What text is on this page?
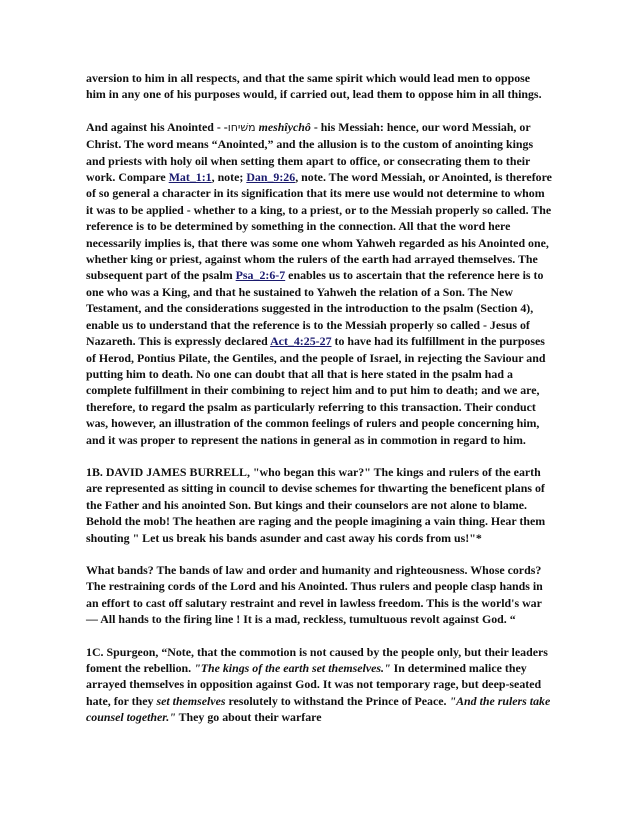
aversion to him in all respects, and that the same spirit which would lead men to oppose him in any one of his purposes would, if carried out, lead them to oppose him in all things.

And against his Anointed - -משׁיחו meshîychô - his Messiah: hence, our word Messiah, or Christ. The word means “Anointed,” and the allusion is to the custom of anointing kings and priests with holy oil when setting them apart to office, or consecrating them to their work. Compare Mat_1:1, note; Dan_9:26, note. The word Messiah, or Anointed, is therefore of so general a character in its signification that its mere use would not determine to whom it was to be applied - whether to a king, to a priest, or to the Messiah properly so called. The reference is to be determined by something in the connection. All that the word here necessarily implies is, that there was some one whom Yahweh regarded as his Anointed one, whether king or priest, against whom the rulers of the earth had arrayed themselves. The subsequent part of the psalm Psa_2:6-7 enables us to ascertain that the reference here is to one who was a King, and that he sustained to Yahweh the relation of a Son. The New Testament, and the considerations suggested in the introduction to the psalm (Section 4), enable us to understand that the reference is to the Messiah properly so called - Jesus of Nazareth. This is expressly declared Act_4:25-27 to have had its fulfillment in the purposes of Herod, Pontius Pilate, the Gentiles, and the people of Israel, in rejecting the Saviour and putting him to death. No one can doubt that all that is here stated in the psalm had a complete fulfillment in their combining to reject him and to put him to death; and we are, therefore, to regard the psalm as particularly referring to this transaction. Their conduct was, however, an illustration of the common feelings of rulers and people concerning him, and it was proper to represent the nations in general as in commotion in regard to him.

1B. DAVID JAMES BURRELL, "who began this war?" The kings and rulers of the earth are represented as sitting in council to devise schemes for thwarting the beneficent plans of the Father and his anointed Son. But kings and their counselors are not alone to blame. Behold the mob! The heathen are raging and the people imagining a vain thing. Hear them shouting " Let us break his bands asunder and cast away his cords from us!"*

What bands? The bands of law and order and humanity and righteousness. Whose cords? The restraining cords of the Lord and his Anointed. Thus rulers and people clasp hands in an effort to cast off salutary restraint and revel in lawless freedom. This is the world's war — All hands to the firing line ! It is a mad, reckless, tumultuous revolt against God. “

1C. Spurgeon, “Note, that the commotion is not caused by the people only, but their leaders foment the rebellion. "The kings of the earth set themselves." In determined malice they arrayed themselves in opposition against God. It was not temporary rage, but deep-seated hate, for they set themselves resolutely to withstand the Prince of Peace. "And the rulers take counsel together." They go about their warfare
